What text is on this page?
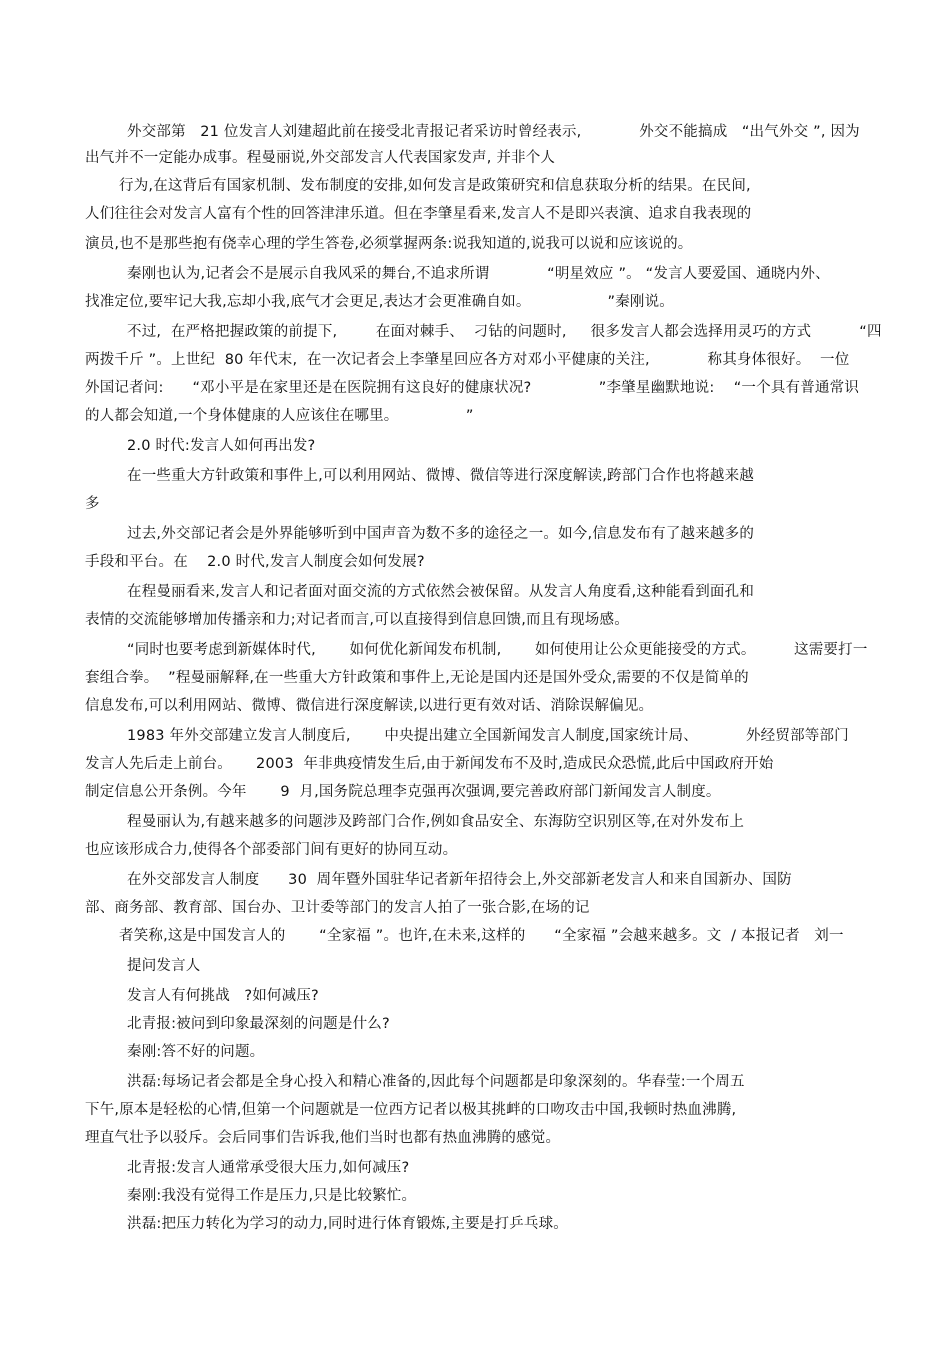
外交部第   21 位发言人刘建超此前在接受北青报记者采访时曾经表示,            外交不能搞成   “出气外交 ”, 因为
出气并不一定能办成事。程曼丽说,外交部发言人代表国家发声, 并非个人
行为,在这背后有国家机制、发布制度的安排,如何发言是政策研究和信息获取分析的结果。在民间,
人们往往会对发言人富有个性的回答津津乐道。但在李肇星看来,发言人不是即兴表演、追求自我表现的
演员,也不是那些抱有侥幸心理的学生答卷,必须掌握两条:说我知道的,说我可以说和应该说的。
秦刚也认为,记者会不是展示自我风采的舞台,不追求所谓            “明星效应 ”。 “发言人要爱国、通晓内外、
找准定位,要牢记大我,忘却小我,底气才会更足,表达才会更准确自如。                ”秦刚说。
不过,  在严格把握政策的前提下,        在面对棘手、  刁钻的问题时,     很多发言人都会选择用灵巧的方式          “四
两拨千斤 ”。上世纪  80 年代末,  在一次记者会上李肇星回应各方对邓小平健康的关注,            称其身体很好。  一位
外国记者问:      “邓小平是在家里还是在医院拥有这良好的健康状况?              ”李肇星幽默地说:    “一个具有普通常识
的人都会知道,一个身体健康的人应该住在哪里。              ”
2.0 时代:发言人如何再出发?
在一些重大方针政策和事件上,可以利用网站、微博、微信等进行深度解读,跨部门合作也将越来越
多
过去,外交部记者会是外界能够听到中国声音为数不多的途径之一。如今,信息发布有了越来越多的
手段和平台。在    2.0 时代,发言人制度会如何发展?
在程曼丽看来,发言人和记者面对面交流的方式依然会被保留。从发言人角度看,这种能看到面孔和
表情的交流能够增加传播亲和力;对记者而言,可以直接得到信息回馈,而且有现场感。
“同时也要考虑到新媒体时代,       如何优化新闻发布机制,       如何使用让公众更能接受的方式。        这需要打一
套组合拳。  ”程曼丽解释,在一些重大方针政策和事件上,无论是国内还是国外受众,需要的不仅是简单的
信息发布,可以利用网站、微博、微信进行深度解读,以进行更有效对话、消除误解偏见。
1983 年外交部建立发言人制度后,       中央提出建立全国新闻发言人制度,国家统计局、          外经贸部等部门
发言人先后走上前台。     2003  年非典疫情发生后,由于新闻发布不及时,造成民众恐慌,此后中国政府开始
制定信息公开条例。今年       9  月,国务院总理李克强再次强调,要完善政府部门新闻发言人制度。
程曼丽认为,有越来越多的问题涉及跨部门合作,例如食品安全、东海防空识别区等,在对外发布上
也应该形成合力,使得各个部委部门间有更好的协同互动。
在外交部发言人制度      30  周年暨外国驻华记者新年招待会上,外交部新老发言人和来自国新办、国防
部、商务部、教育部、国台办、卫计委等部门的发言人拍了一张合影,在场的记
者笑称,这是中国发言人的       “全家福 ”。也许,在未来,这样的      “全家福 ”会越来越多。文  / 本报记者   刘一
提问发言人
发言人有何挑战   ?如何减压?
北青报:被问到印象最深刻的问题是什么?
秦刚:答不好的问题。
洪磊:每场记者会都是全身心投入和精心准备的,因此每个问题都是印象深刻的。华春莹:一个周五
下午,原本是轻松的心情,但第一个问题就是一位西方记者以极其挑衅的口吻攻击中国,我顿时热血沸腾,
理直气壮予以驳斥。会后同事们告诉我,他们当时也都有热血沸腾的感觉。
北青报:发言人通常承受很大压力,如何减压?
秦刚:我没有觉得工作是压力,只是比较繁忙。
洪磊:把压力转化为学习的动力,同时进行体育锻炼,主要是打乒乓球。
